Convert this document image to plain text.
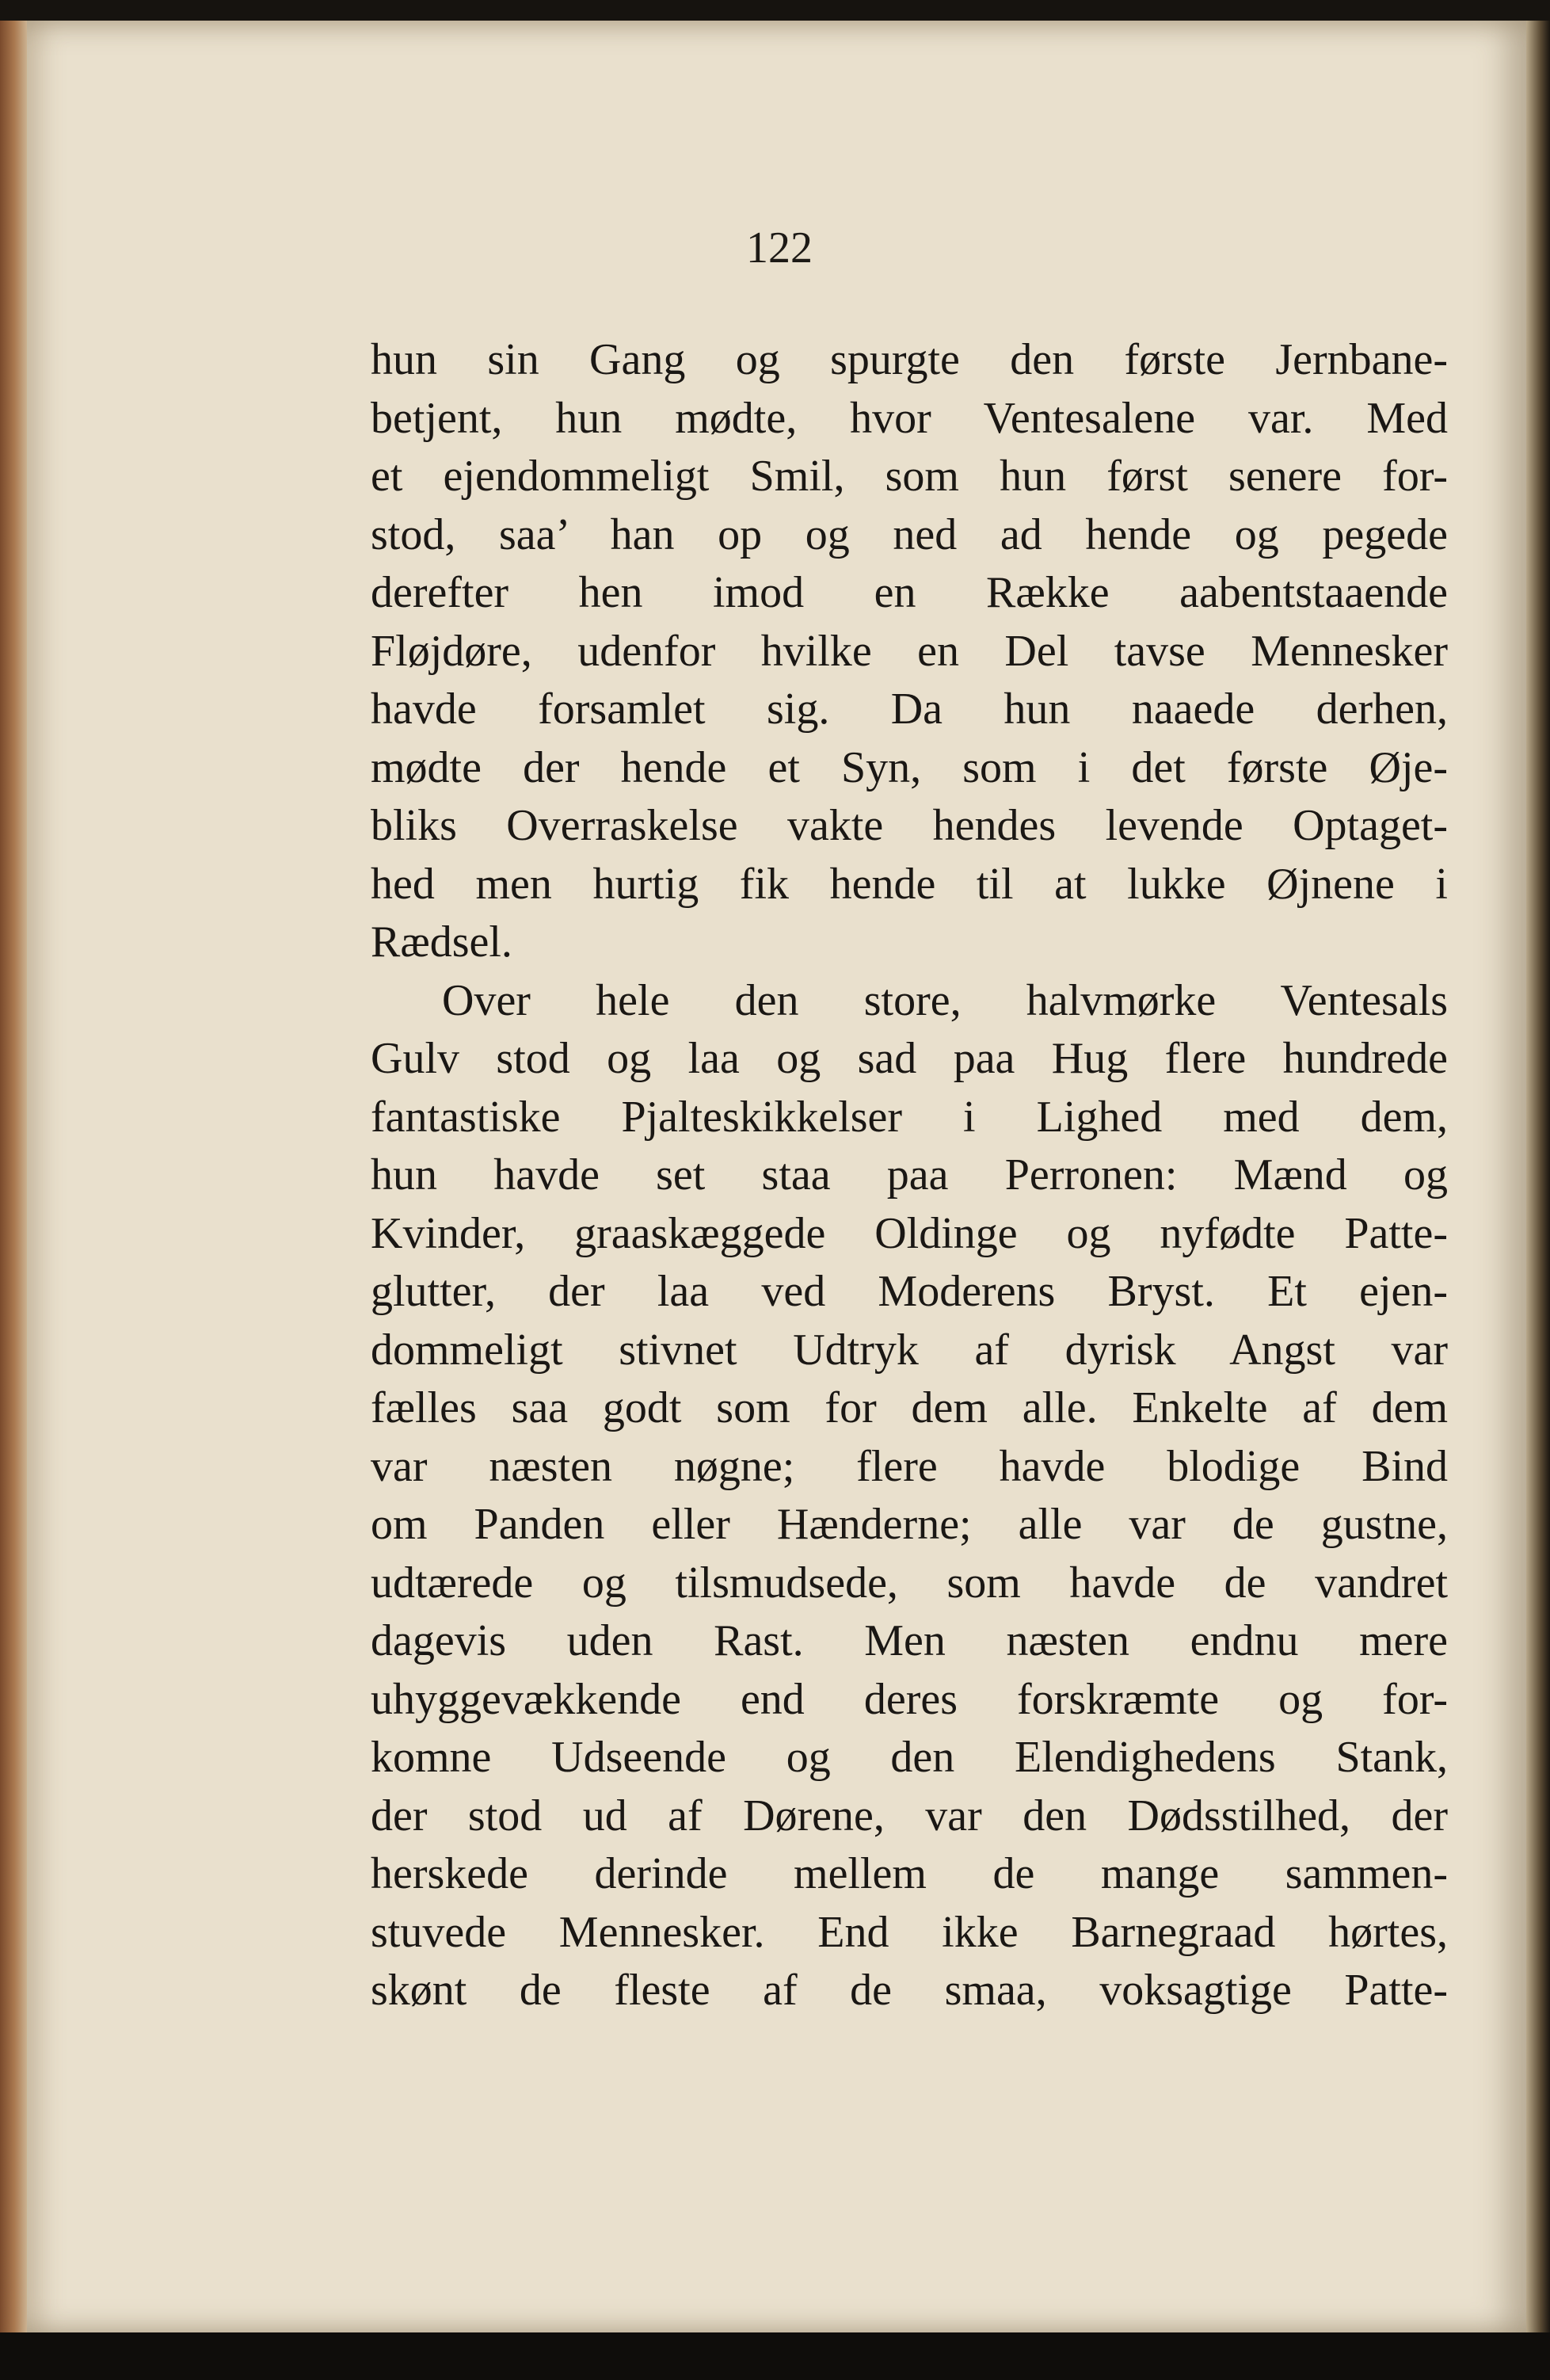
122

hun sin Gang og spurgte den første Jernbane-
betjent, hun mødte, hvor Ventesalene var. Med
et ejendommeligt Smil, som hun først senere for-
stod, saa’ han op og ned ad hende og pegede
derefter hen imod en Række aabentstaaende
Fløjdøre, udenfor hvilke en Del tavse Mennesker
havde forsamlet sig. Da hun naaede derhen,
mødte der hende et Syn, som i det første Øje-
bliks Overraskelse vakte hendes levende Optaget-
hed men hurtig fik hende til at lukke Øjnene i
Rædsel.
Over hele den store, halvmørke Ventesals
Gulv stod og laa og sad paa Hug flere hundrede
fantastiske Pjalteskikkelser i Lighed med dem,
hun havde set staa paa Perronen: Mænd og
Kvinder, graaskæggede Oldinge og nyfødte Patte-
glutter, der laa ved Moderens Bryst. Et ejen-
dommeligt stivnet Udtryk af dyrisk Angst var
fælles saa godt som for dem alle. Enkelte af dem
var næsten nøgne; flere havde blodige Bind
om Panden eller Hænderne; alle var de gustne,
udtærede og tilsmudsede, som havde de vandret
dagevis uden Rast. Men næsten endnu mere
uhyggevækkende end deres forskræmte og for-
komne Udseende og den Elendighedens Stank,
der stod ud af Dørene, var den Dødsstilhed, der
herskede derinde mellem de mange sammen-
stuvede Mennesker. End ikke Barnegraad hørtes,
skønt de fleste af de smaa, voksagtige Patte-
